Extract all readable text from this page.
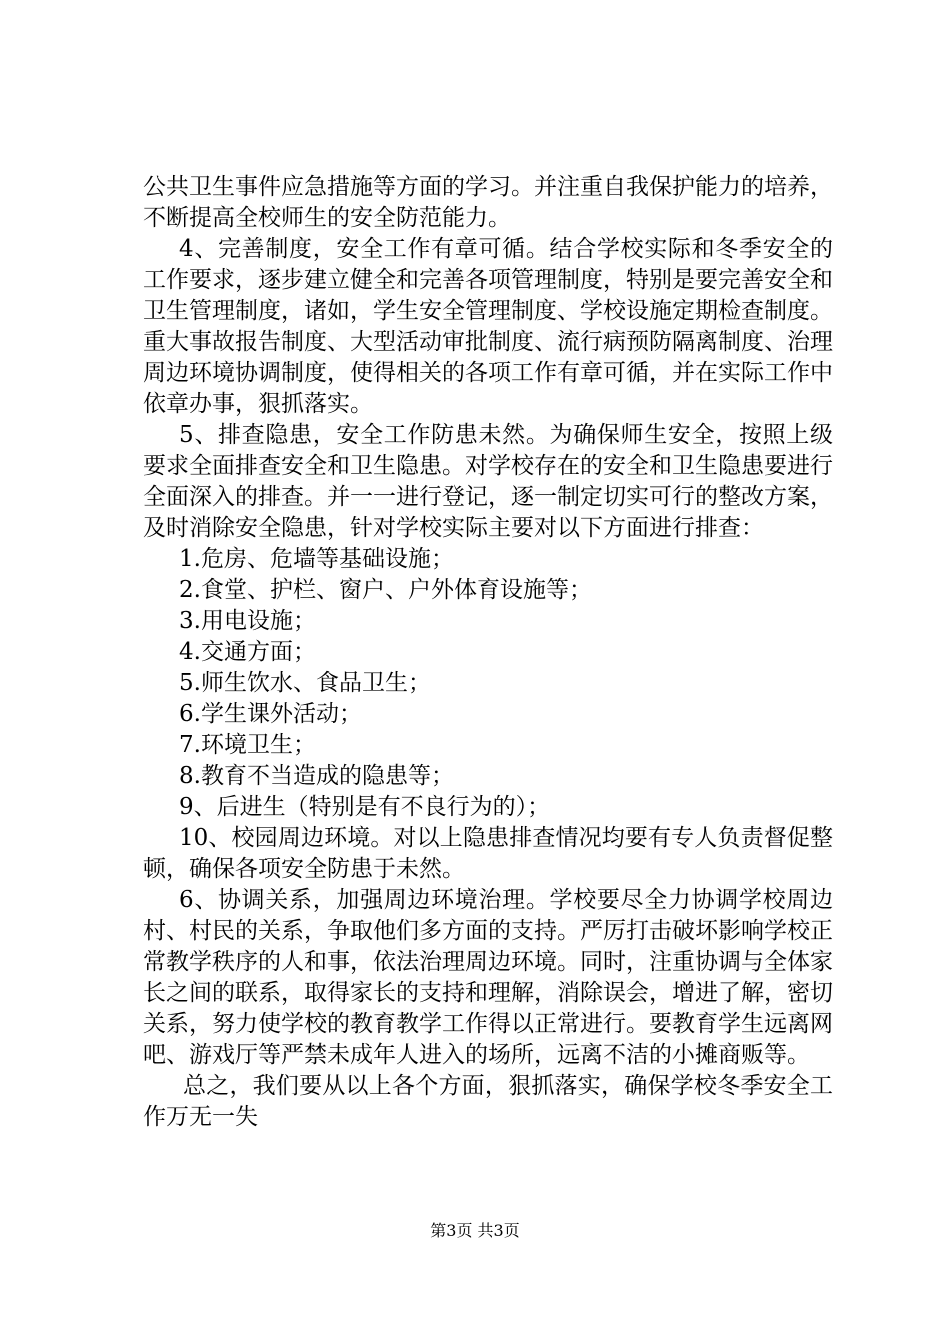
公共卫生事件应急措施等方面的学习。并注重自我保护能力的培养，不断提高全校师生的安全防范能力。

4、完善制度，安全工作有章可循。结合学校实际和冬季安全的工作要求，逐步建立健全和完善各项管理制度，特别是要完善安全和卫生管理制度，诸如，学生安全管理制度、学校设施定期检查制度。重大事故报告制度、大型活动审批制度、流行病预防隔离制度、治理周边环境协调制度，使得相关的各项工作有章可循，并在实际工作中依章办事，狠抓落实。

5、排查隐患，安全工作防患未然。为确保师生安全，按照上级要求全面排查安全和卫生隐患。对学校存在的安全和卫生隐患要进行全面深入的排查。并一一进行登记，逐一制定切实可行的整改方案，及时消除安全隐患，针对学校实际主要对以下方面进行排查：

1.危房、危墙等基础设施；

2.食堂、护栏、窗户、户外体育设施等；

3.用电设施；

4.交通方面；

5.师生饮水、食品卫生；

6.学生课外活动；

7.环境卫生；

8.教育不当造成的隐患等；

9、后进生（特别是有不良行为的）；

10、校园周边环境。对以上隐患排查情况均要有专人负责督促整顿，确保各项安全防患于未然。

6、协调关系，加强周边环境治理。学校要尽全力协调学校周边村、村民的关系，争取他们多方面的支持。严厉打击破坏影响学校正常教学秩序的人和事，依法治理周边环境。同时，注重协调与全体家长之间的联系，取得家长的支持和理解，消除误会，增进了解，密切关系，努力使学校的教育教学工作得以正常进行。要教育学生远离网吧、游戏厅等严禁未成年人进入的场所，远离不洁的小摊商贩等。

总之，我们要从以上各个方面，狠抓落实，确保学校冬季安全工作万无一失

第3页 共3页
